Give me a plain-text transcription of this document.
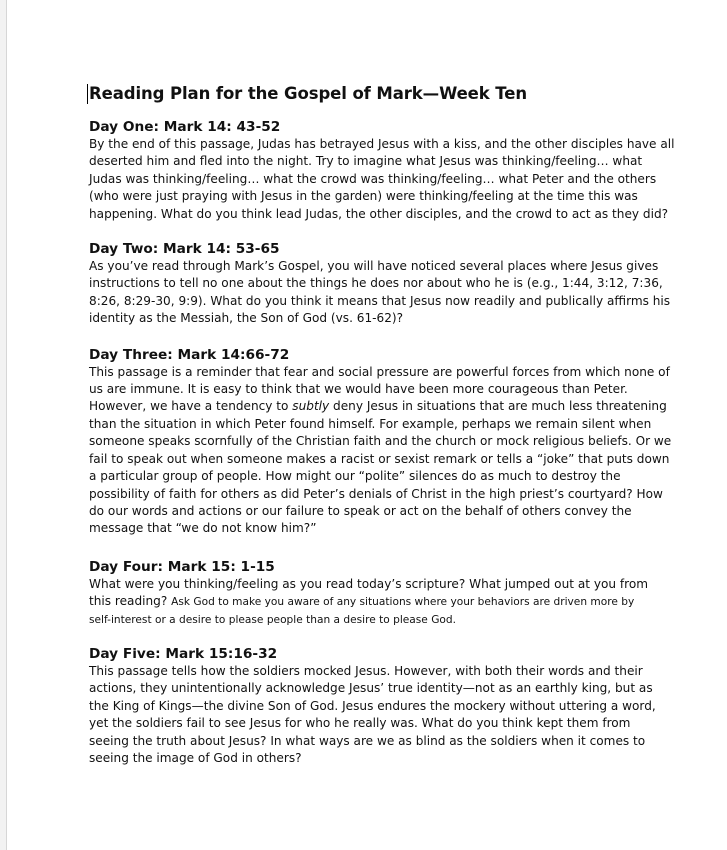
Reading Plan for the Gospel of Mark—Week Ten

Day One: Mark 14: 43-52

By the end of this passage, Judas has betrayed Jesus with a kiss, and the other disciples have all
deserted him and fled into the night. Try to imagine what Jesus was thinking/feeling… what
Judas was thinking/feeling… what the crowd was thinking/feeling… what Peter and the others
(who were just praying with Jesus in the garden) were thinking/feeling at the time this was
happening. What do you think lead Judas, the other disciples, and the crowd to act as they did?

Day Two: Mark 14: 53-65

As you’ve read through Mark’s Gospel, you will have noticed several places where Jesus gives
instructions to tell no one about the things he does nor about who he is (e.g., 1:44, 3:12, 7:36,
8:26, 8:29-30, 9:9). What do you think it means that Jesus now readily and publically affirms his
identity as the Messiah, the Son of God (vs. 61-62)?

Day Three: Mark 14:66-72

This passage is a reminder that fear and social pressure are powerful forces from which none of
us are immune. It is easy to think that we would have been more courageous than Peter.
However, we have a tendency to subtly deny Jesus in situations that are much less threatening
than the situation in which Peter found himself. For example, perhaps we remain silent when
someone speaks scornfully of the Christian faith and the church or mock religious beliefs. Or we
fail to speak out when someone makes a racist or sexist remark or tells a “joke” that puts down
a particular group of people. How might our “polite” silences do as much to destroy the
possibility of faith for others as did Peter’s denials of Christ in the high priest’s courtyard? How
do our words and actions or our failure to speak or act on the behalf of others convey the
message that “we do not know him?”

Day Four: Mark 15: 1-15

What were you thinking/feeling as you read today’s scripture? What jumped out at you from
this reading? Ask God to make you aware of any situations where your behaviors are driven more by
self-interest or a desire to please people than a desire to please God.

Day Five: Mark 15:16-32

This passage tells how the soldiers mocked Jesus. However, with both their words and their
actions, they unintentionally acknowledge Jesus’ true identity—not as an earthly king, but as
the King of Kings—the divine Son of God. Jesus endures the mockery without uttering a word,
yet the soldiers fail to see Jesus for who he really was. What do you think kept them from
seeing the truth about Jesus? In what ways are we as blind as the soldiers when it comes to
seeing the image of God in others?
